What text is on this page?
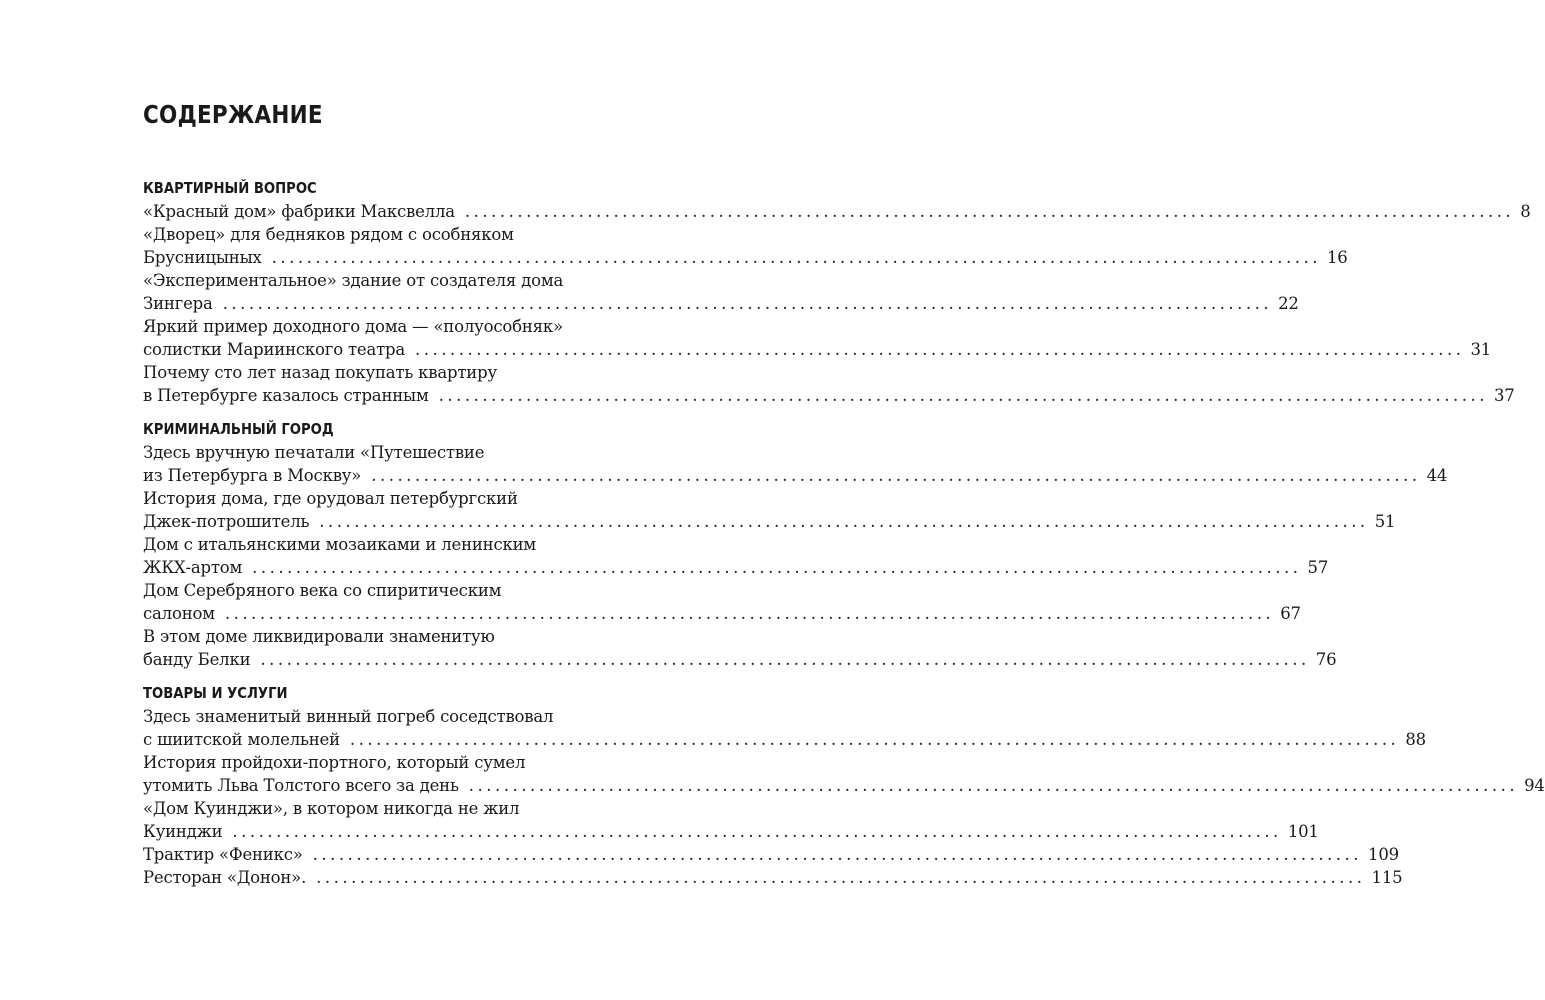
СОДЕРЖАНИЕ
КВАРТИРНЫЙ ВОПРОС
«Красный дом» фабрики Максвелла ........................................................................................................................ 8
«Дворец» для бедняков рядом с особняком
Брусницыных ........................................................................................................................ 16
«Экспериментальное» здание от создателя дома
Зингера ........................................................................................................................ 22
Яркий пример доходного дома — «полуособняк»
солистки Мариинского театра ........................................................................................................................ 31
Почему сто лет назад покупать квартиру
в Петербурге казалось странным ........................................................................................................................ 37
КРИМИНАЛЬНЫЙ ГОРОД
Здесь вручную печатали «Путешествие
из Петербурга в Москву» ........................................................................................................................ 44
История дома, где орудовал петербургский
Джек-потрошитель ........................................................................................................................ 51
Дом с итальянскими мозаиками и ленинским
ЖКХ-артом ........................................................................................................................ 57
Дом Серебряного века со спиритическим
салоном ........................................................................................................................ 67
В этом доме ликвидировали знаменитую
банду Белки ........................................................................................................................ 76
ТОВАРЫ И УСЛУГИ
Здесь знаменитый винный погреб соседствовал
с шиитской молельней ........................................................................................................................ 88
История пройдохи-портного, который сумел
утомить Льва Толстого всего за день ........................................................................................................................ 94
«Дом Куинджи», в котором никогда не жил
Куинджи ........................................................................................................................ 101
Трактир «Феникс» ........................................................................................................................ 109
Ресторан «Донон». ........................................................................................................................ 115
